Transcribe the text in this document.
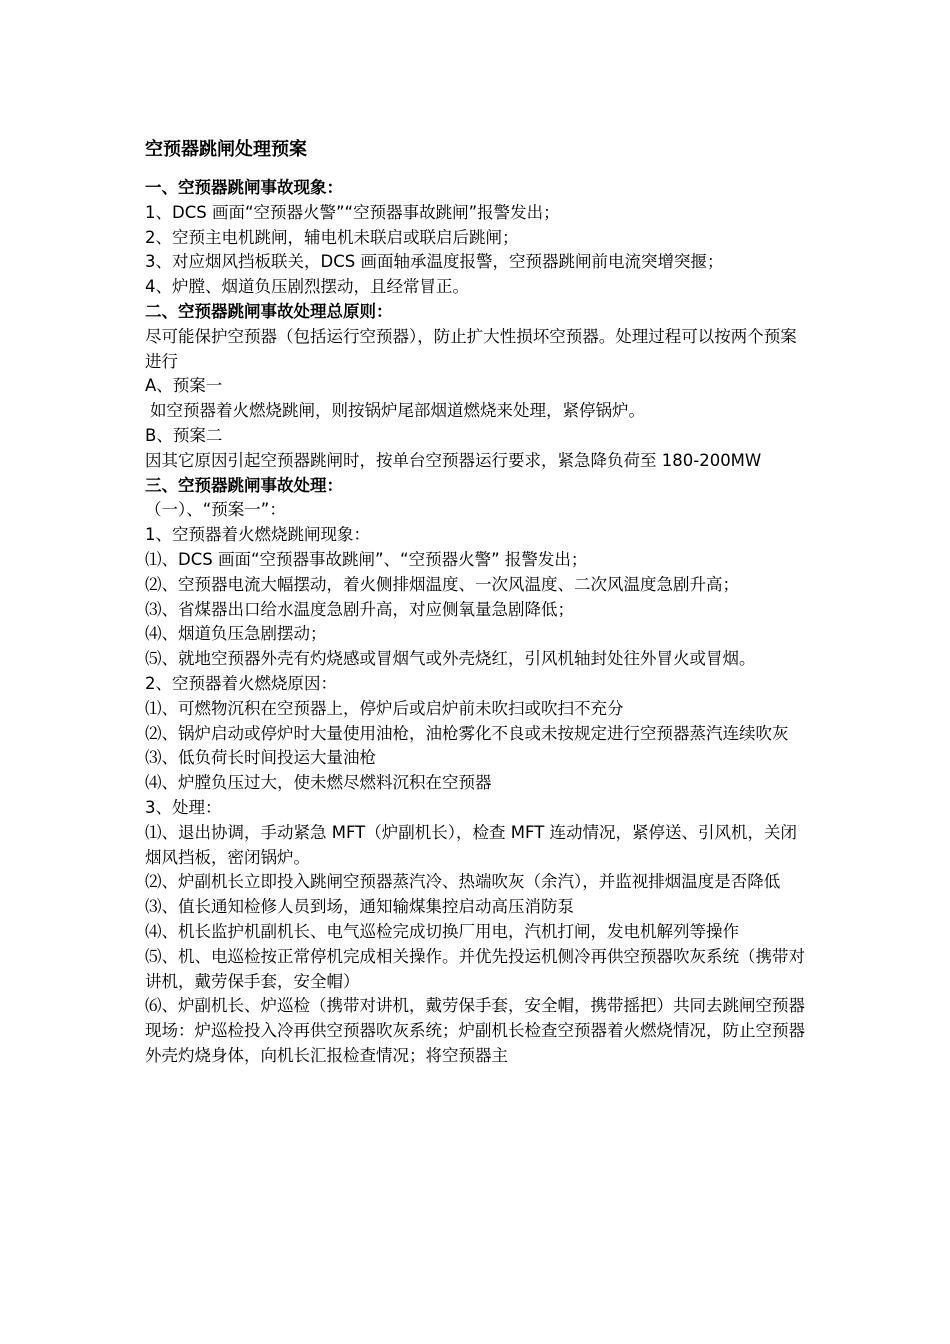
空预器跳闸处理预案

一、空预器跳闸事故现象：

1、DCS 画面“空预器火警”“空预器事故跳闸”报警发出；

2、空预主电机跳闸，辅电机未联启或联启后跳闸；

3、对应烟风挡板联关，DCS 画面轴承温度报警，空预器跳闸前电流突增突揠；

4、炉膛、烟道负压剧烈摆动，且经常冒正。

二、空预器跳闸事故处理总原则：

尽可能保护空预器（包括运行空预器），防止扩大性损坏空预器。处理过程可以按两个预案进行

A、预案一

如空预器着火燃烧跳闸，则按锅炉尾部烟道燃烧来处理，紧停锅炉。

B、预案二

因其它原因引起空预器跳闸时，按单台空预器运行要求，紧急降负荷至 180-200MW

三、空预器跳闸事故处理：

（一）、“预案一”：

1、空预器着火燃烧跳闸现象：

⑴、DCS 画面“空预器事故跳闸”、“空预器火警” 报警发出；

⑵、空预器电流大幅摆动，着火侧排烟温度、一次风温度、二次风温度急剧升高；

⑶、省煤器出口给水温度急剧升高，对应侧氧量急剧降低；

⑷、烟道负压急剧摆动；

⑸、就地空预器外壳有灼烧感或冒烟气或外壳烧红，引风机轴封处往外冒火或冒烟。

2、空预器着火燃烧原因：

⑴、可燃物沉积在空预器上，停炉后或启炉前未吹扫或吹扫不充分

⑵、锅炉启动或停炉时大量使用油枪，油枪雾化不良或未按规定进行空预器蒸汽连续吹灰

⑶、低负荷长时间投运大量油枪

⑷、炉膛负压过大，使未燃尽燃料沉积在空预器

3、处理：

⑴、退出协调，手动紧急 MFT（炉副机长），检查 MFT 连动情况，紧停送、引风机，关闭烟风挡板，密闭锅炉。

⑵、炉副机长立即投入跳闸空预器蒸汽冷、热端吹灰（余汽），并监视排烟温度是否降低

⑶、值长通知检修人员到场，通知输煤集控启动高压消防泵

⑷、机长监护机副机长、电气巡检完成切换厂用电，汽机打闸，发电机解列等操作

⑸、机、电巡检按正常停机完成相关操作。并优先投运机侧冷再供空预器吹灰系统（携带对讲机，戴劳保手套，安全帽）

⑹、炉副机长、炉巡检（携带对讲机，戴劳保手套，安全帽，携带摇把）共同去跳闸空预器现场：炉巡检投入冷再供空预器吹灰系统；炉副机长检查空预器着火燃烧情况，防止空预器外壳灼烧身体，向机长汇报检查情况；将空预器主
